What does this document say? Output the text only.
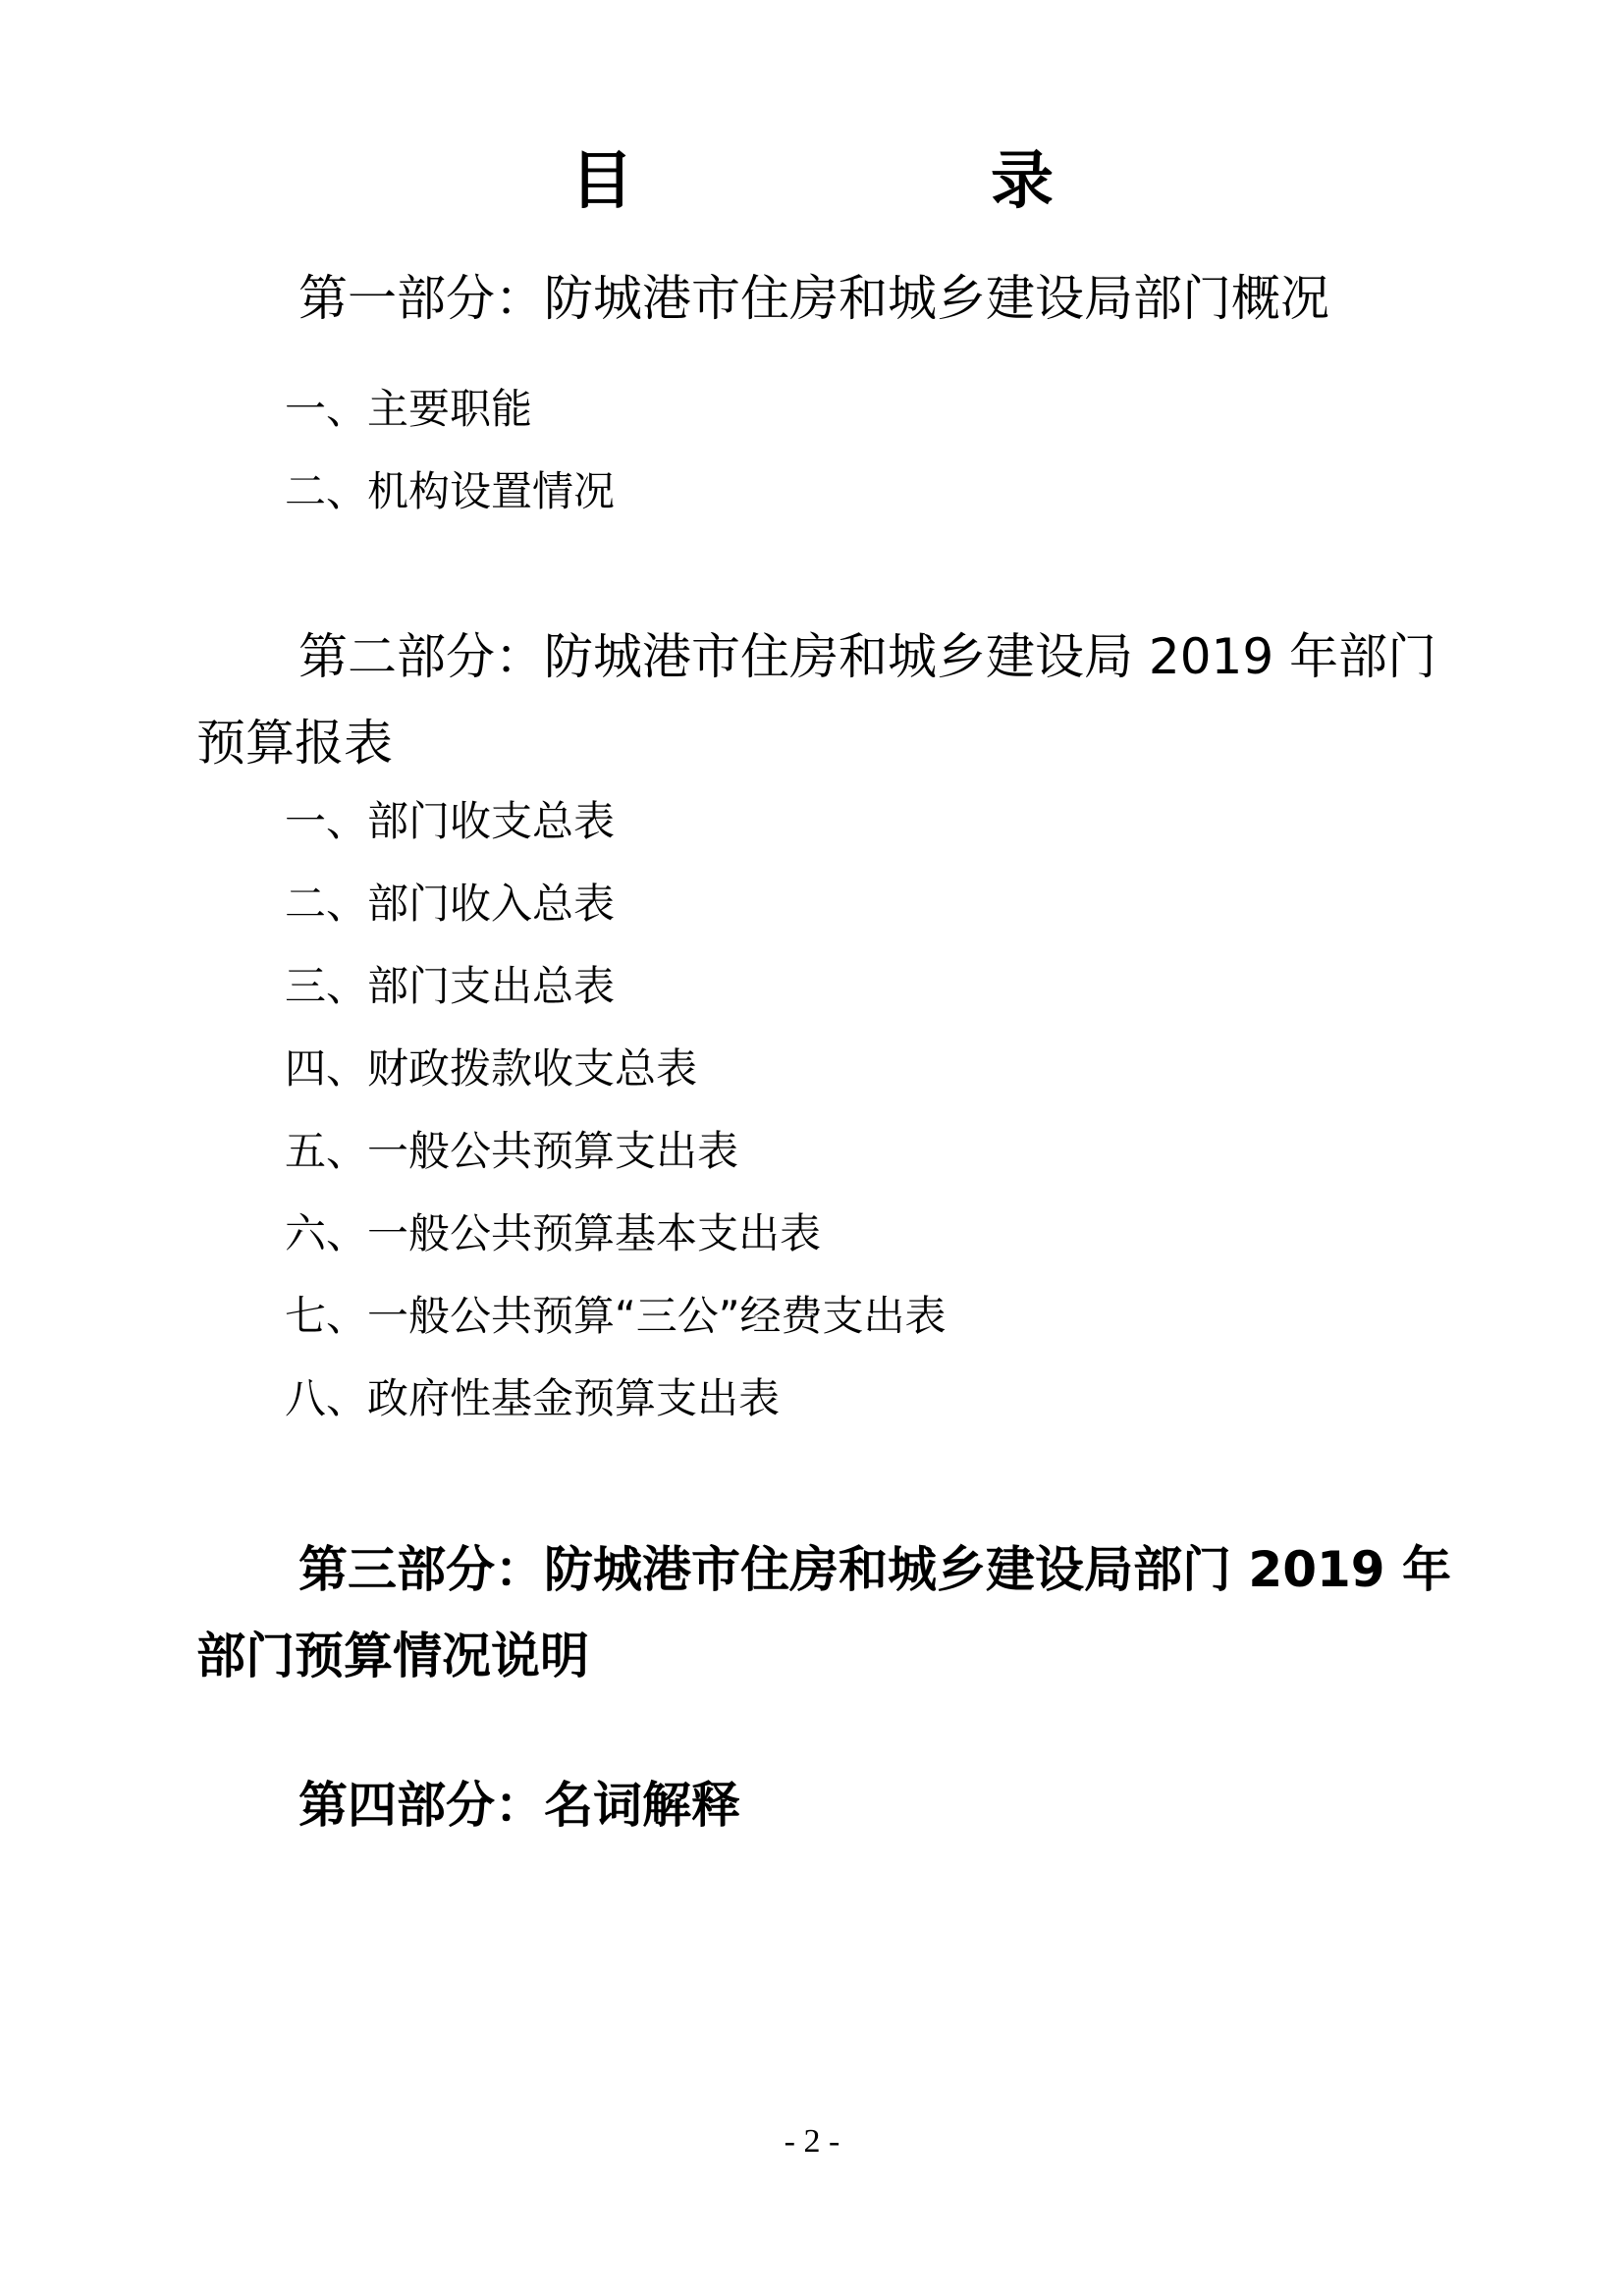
目　录

第一部分：防城港市住房和城乡建设局部门概况

一、主要职能
二、机构设置情况

第二部分：防城港市住房和城乡建设局 2019 年部门预算报表

一、部门收支总表
二、部门收入总表
三、部门支出总表
四、财政拨款收支总表
五、一般公共预算支出表
六、一般公共预算基本支出表
七、一般公共预算“三公”经费支出表
八、政府性基金预算支出表

第三部分：防城港市住房和城乡建设局部门 2019 年部门预算情况说明

第四部分：名词解释

- 2 -
